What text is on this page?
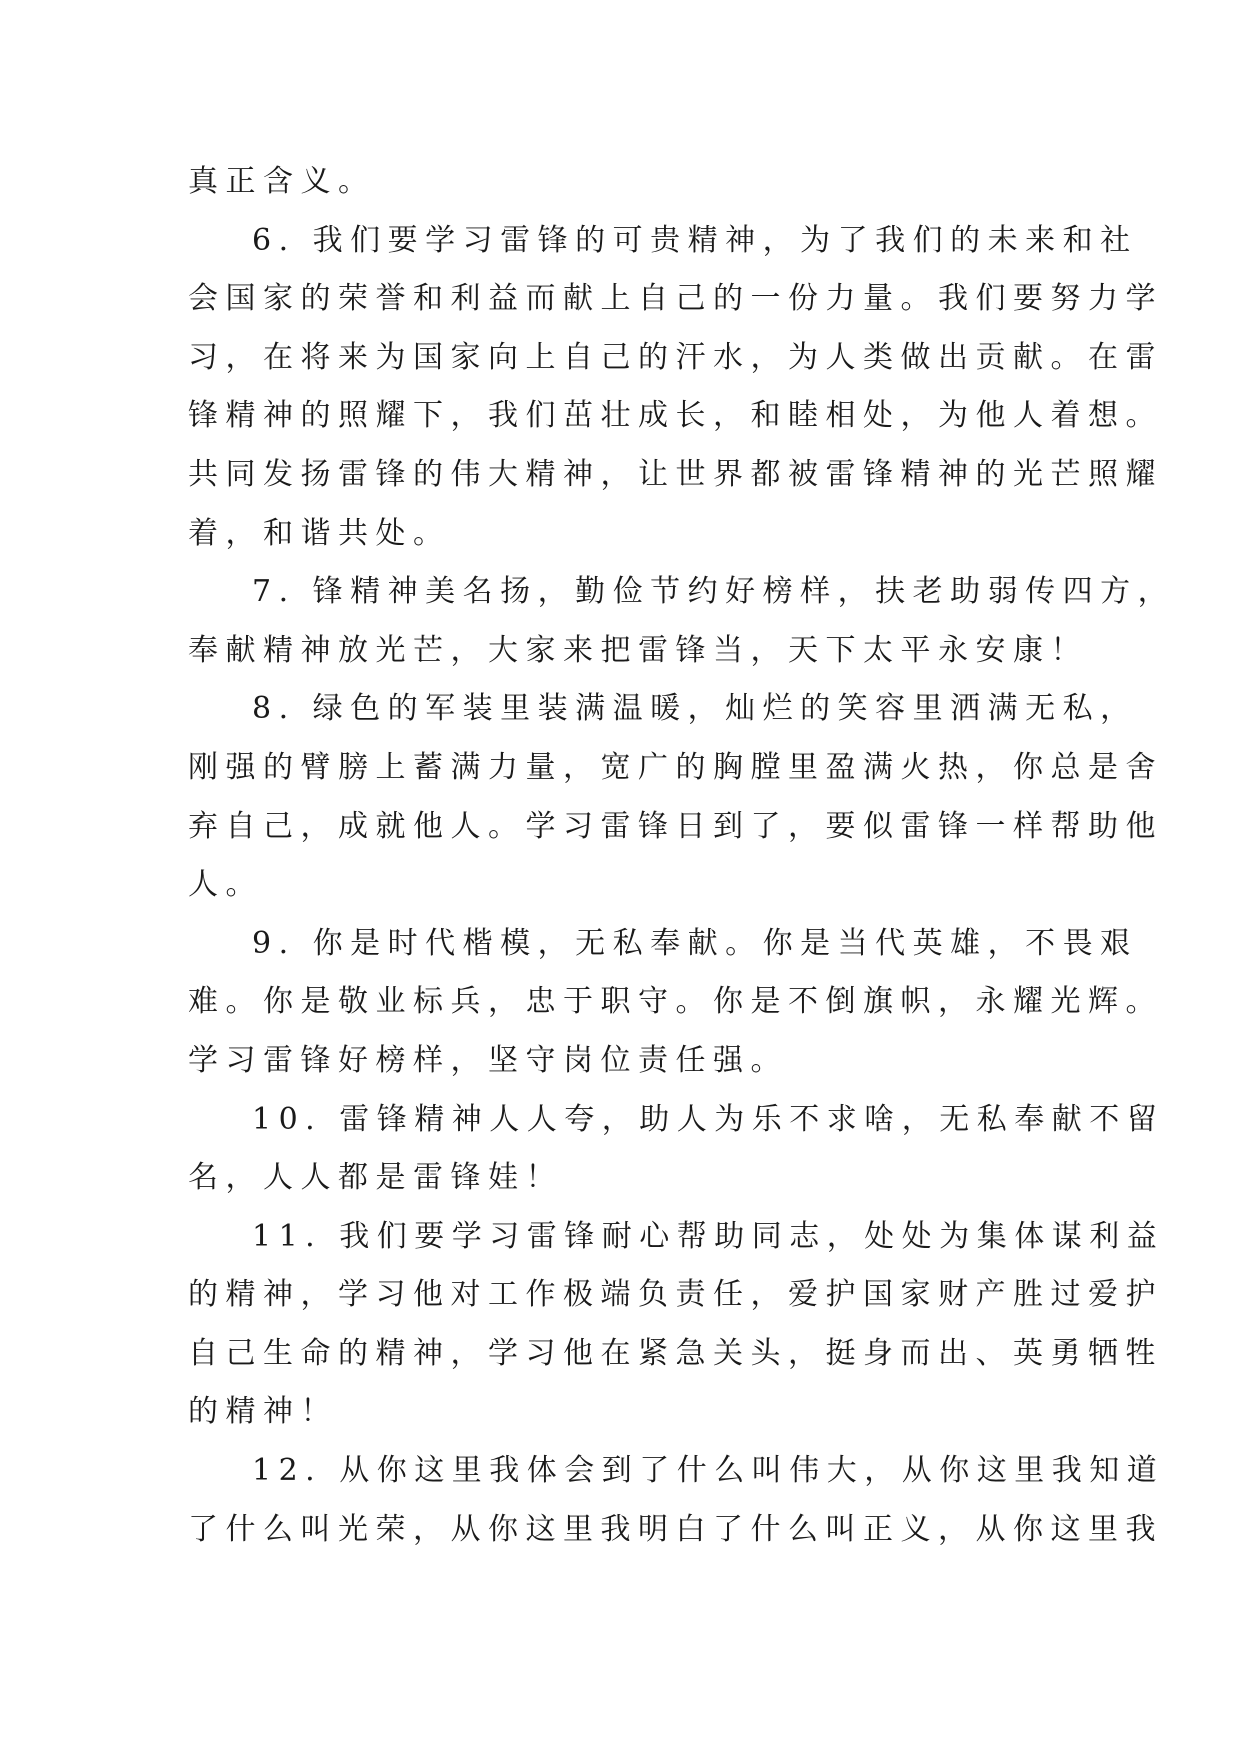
真正含义。
6. 我们要学习雷锋的可贵精神，为了我们的未来和社
会国家的荣誉和利益而献上自己的一份力量。我们要努力学
习，在将来为国家向上自己的汗水，为人类做出贡献。在雷
锋精神的照耀下，我们茁壮成长，和睦相处，为他人着想。
共同发扬雷锋的伟大精神，让世界都被雷锋精神的光芒照耀
着，和谐共处。
7. 锋精神美名扬，勤俭节约好榜样，扶老助弱传四方，
奉献精神放光芒，大家来把雷锋当，天下太平永安康！
8. 绿色的军装里装满温暖，灿烂的笑容里洒满无私，
刚强的臂膀上蓄满力量，宽广的胸膛里盈满火热，你总是舍
弃自己，成就他人。学习雷锋日到了，要似雷锋一样帮助他
人。
9. 你是时代楷模，无私奉献。你是当代英雄，不畏艰
难。你是敬业标兵，忠于职守。你是不倒旗帜，永耀光辉。
学习雷锋好榜样，坚守岗位责任强。
10. 雷锋精神人人夸，助人为乐不求啥，无私奉献不留
名，人人都是雷锋娃！
11. 我们要学习雷锋耐心帮助同志，处处为集体谋利益
的精神，学习他对工作极端负责任，爱护国家财产胜过爱护
自己生命的精神，学习他在紧急关头，挺身而出、英勇牺牲
的精神！
12. 从你这里我体会到了什么叫伟大，从你这里我知道
了什么叫光荣，从你这里我明白了什么叫正义，从你这里我
